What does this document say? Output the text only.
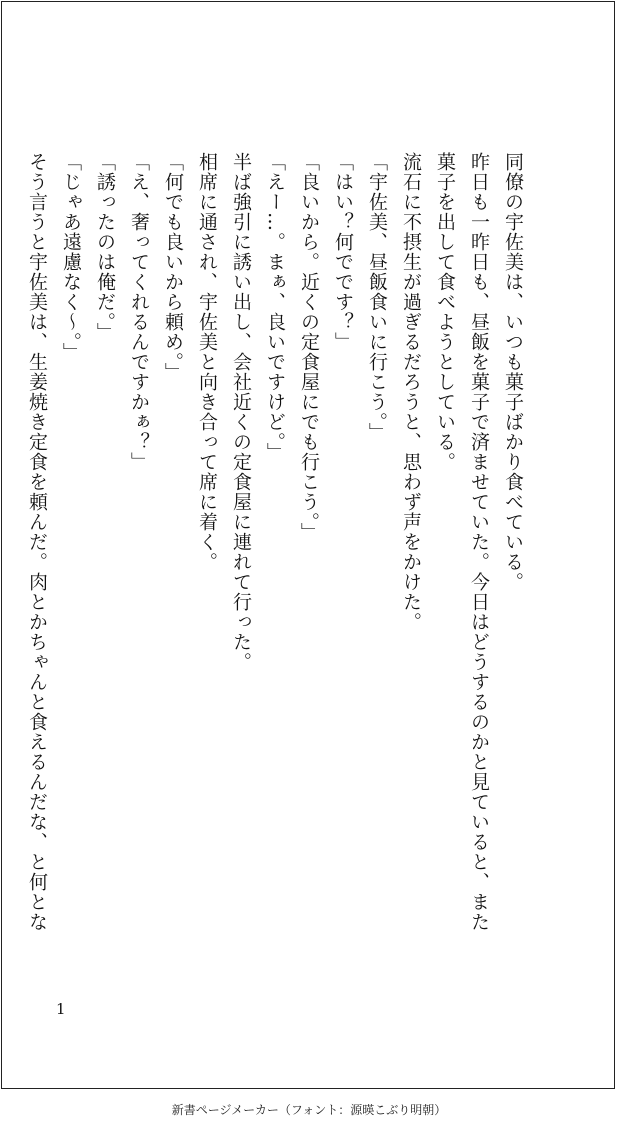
同僚の宇佐美は、いつも菓子ばかり食べている。

昨日も一昨日も、昼飯を菓子で済ませていた。今日はどうするのかと見ていると、また

菓子を出して食べようとしている。

流石に不摂生が過ぎるだろうと、思わず声をかけた。

「宇佐美、昼飯食いに行こう。」

「はい？何でです？」

「良いから。近くの定食屋にでも行こう。」

「えー…。まぁ、良いですけど。」

半ば強引に誘い出し、会社近くの定食屋に連れて行った。

相席に通され、宇佐美と向き合って席に着く。

「何でも良いから頼め。」

「え、奢ってくれるんですかぁ？」

「誘ったのは俺だ。」

「じゃあ遠慮なく〜。」

そう言うと宇佐美は、生姜焼き定食を頼んだ。肉とかちゃんと食えるんだな、と何とな

1
新書ページメーカー（フォント：源暎こぶり明朝）
